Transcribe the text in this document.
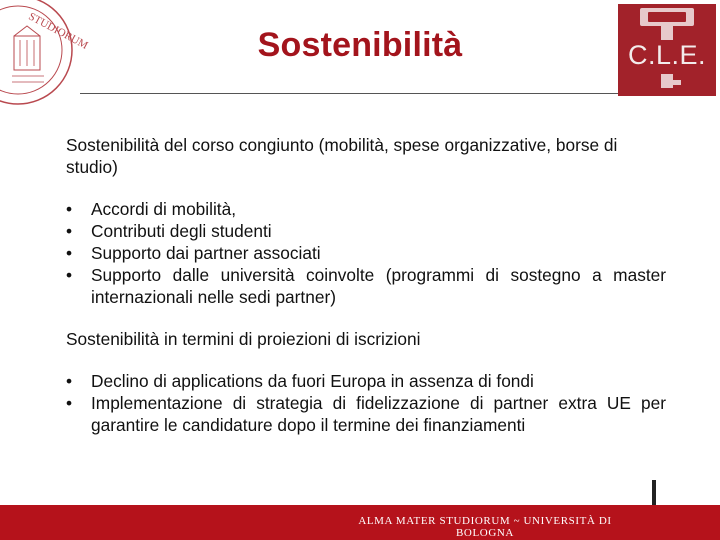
STUDIORUM	Sostenibilità	C.L.E.

Sostenibilità del corso congiunto (mobilità, spese organizzative, borse di studio)

• Accordi di mobilità,
• Contributi degli studenti
• Supporto dai partner associati
• Supporto dalle università coinvolte (programmi di sostegno a master internazionali nelle sedi partner)

Sostenibilità in termini di proiezioni di iscrizioni

• Declino di applications da fuori Europa in assenza di fondi
• Implementazione di strategia di fidelizzazione di partner extra UE per garantire le candidature dopo il termine dei finanziamenti
ALMA MATER STUDIORUM ~ UNIVERSITÀ DI BOLOGNA
